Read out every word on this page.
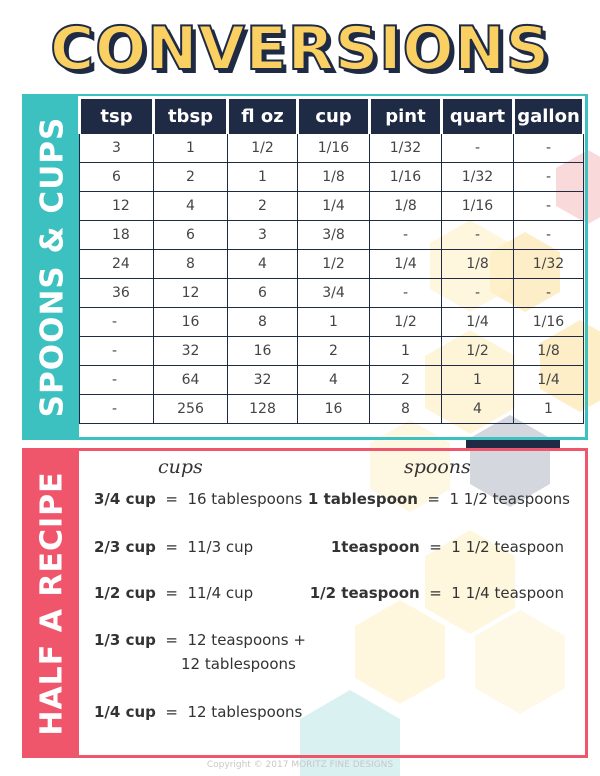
CONVERSIONS
SPOONS & CUPS
tsp	tbsp	fl oz	cup	pint	quart	gallon
3	1	1/2	1/16	1/32	-	-
6	2	1	1/8	1/16	1/32	-
12	4	2	1/4	1/8	1/16	-
18	6	3	3/8	-	-	-
24	8	4	1/2	1/4	1/8	1/32
36	12	6	3/4	-	-	-
-	16	8	1	1/2	1/4	1/16
-	32	16	2	1	1/2	1/8
-	64	32	4	2	1	1/4
-	256	128	16	8	4	1
HALF A RECIPE
cups	spoons
3/4 cup = 16 tablespoons
2/3 cup = 11/3 cup
1/2 cup = 11/4 cup
1/3 cup = 12 teaspoons +
12 tablespoons
1/4 cup = 12 tablespoons
1 tablespoon = 1 1/2 teaspoons
1teaspoon = 1 1/2 teaspoon
1/2 teaspoon = 1 1/4 teaspoon
Copyright © 2017 MORITZ FINE DESIGNS
